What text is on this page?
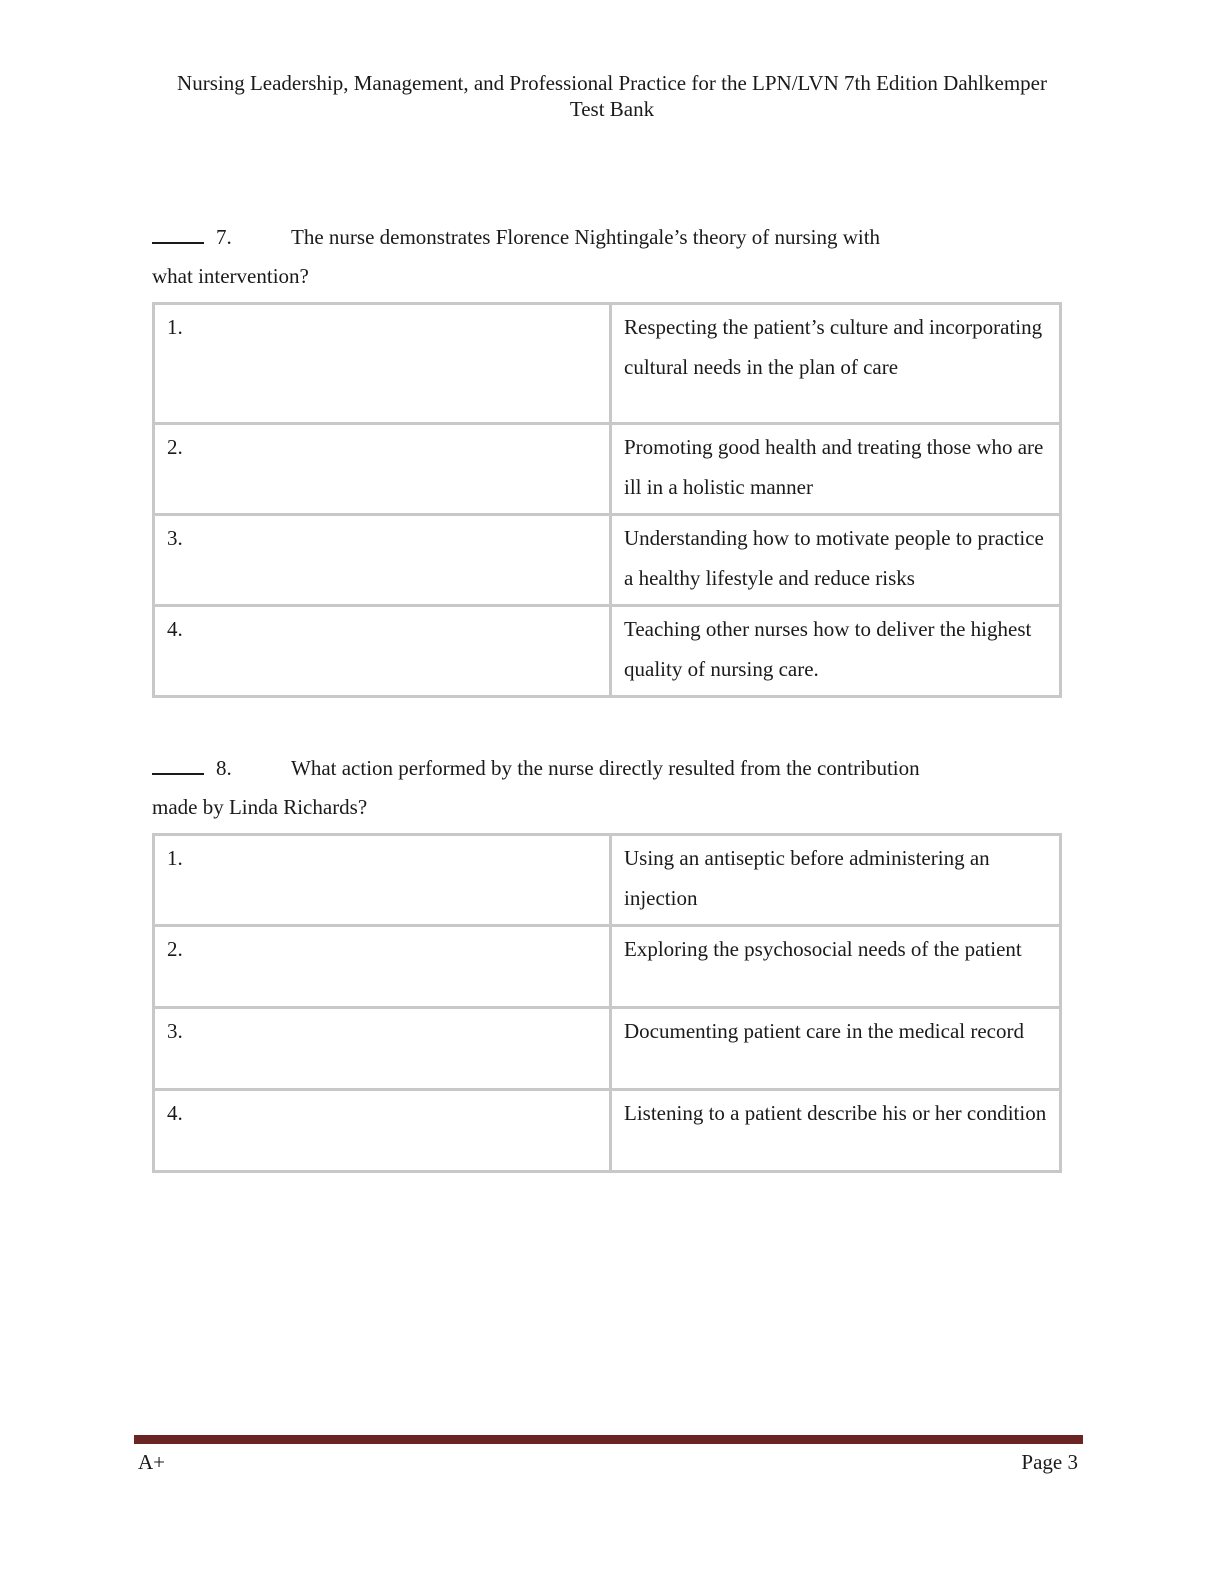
Nursing Leadership, Management, and Professional Practice for the LPN/LVN 7th Edition Dahlkemper
Test Bank
7.	The nurse demonstrates Florence Nightingale’s theory of nursing with
what intervention?
1.	Respecting the patient’s culture and incorporating cultural needs in the plan of care
2.	Promoting good health and treating those who are ill in a holistic manner
3.	Understanding how to motivate people to practice a healthy lifestyle and reduce risks
4.	Teaching other nurses how to deliver the highest quality of nursing care.
8.	What action performed by the nurse directly resulted from the contribution
made by Linda Richards?
1.	Using an antiseptic before administering an injection
2.	Exploring the psychosocial needs of the patient
3.	Documenting patient care in the medical record
4.	Listening to a patient describe his or her condition
A+	Page 3
